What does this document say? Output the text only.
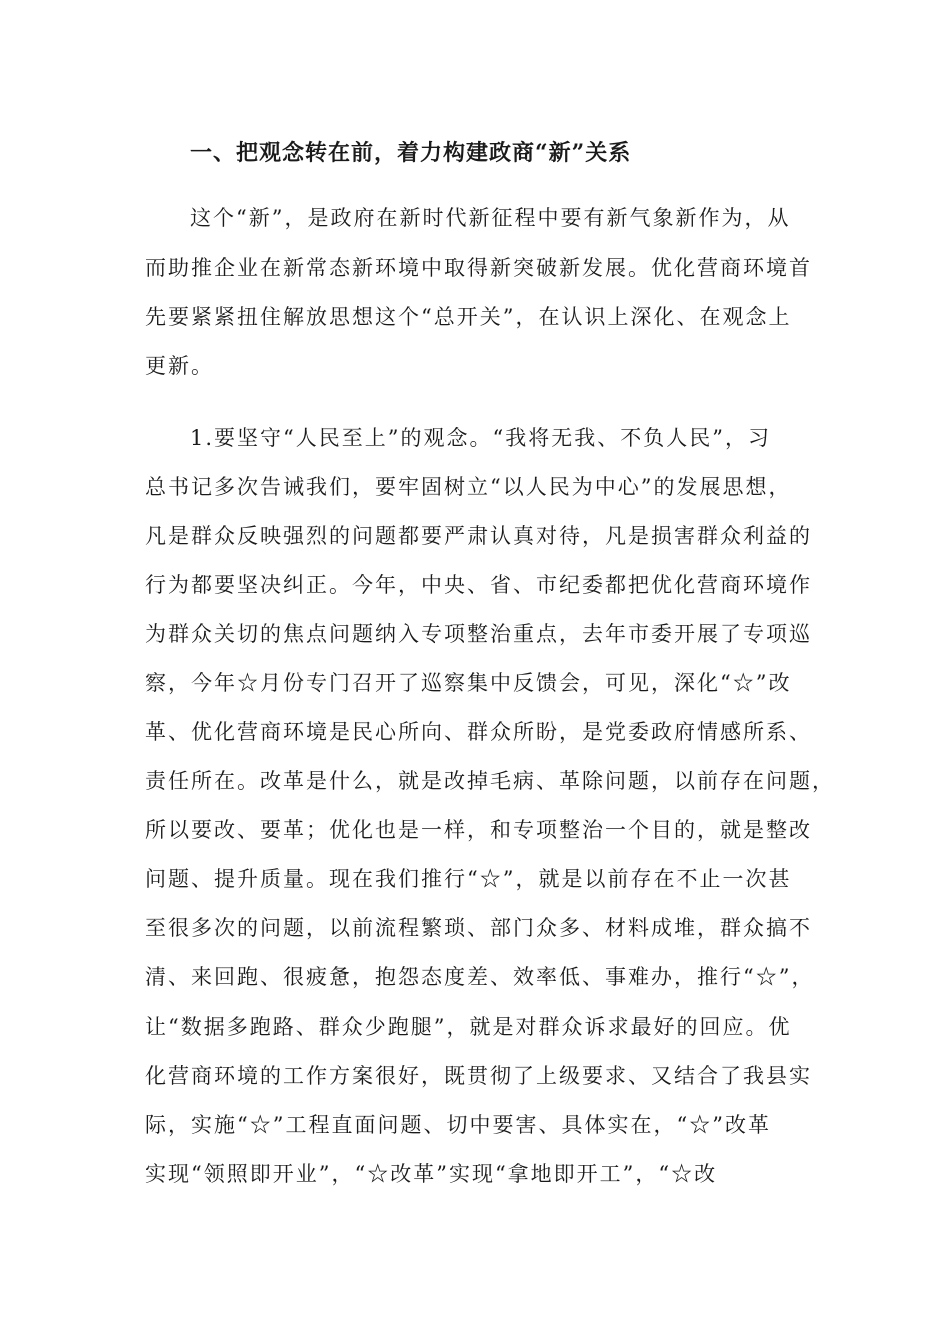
一、把观念转在前，着力构建政商“新”关系
这个“新”，是政府在新时代新征程中要有新气象新作为，从
而助推企业在新常态新环境中取得新突破新发展。优化营商环境首
先要紧紧扭住解放思想这个“总开关”，在认识上深化、在观念上
更新。
1.要坚守“人民至上”的观念。“我将无我、不负人民”，习
总书记多次告诫我们，要牢固树立“以人民为中心”的发展思想，
凡是群众反映强烈的问题都要严肃认真对待，凡是损害群众利益的
行为都要坚决纠正。今年，中央、省、市纪委都把优化营商环境作
为群众关切的焦点问题纳入专项整治重点，去年市委开展了专项巡
察，今年☆月份专门召开了巡察集中反馈会，可见，深化“☆”改
革、优化营商环境是民心所向、群众所盼，是党委政府情感所系、
责任所在。改革是什么，就是改掉毛病、革除问题，以前存在问题，
所以要改、要革；优化也是一样，和专项整治一个目的，就是整改
问题、提升质量。现在我们推行“☆”，就是以前存在不止一次甚
至很多次的问题，以前流程繁琐、部门众多、材料成堆，群众搞不
清、来回跑、很疲惫，抱怨态度差、效率低、事难办，推行“☆”，
让“数据多跑路、群众少跑腿”，就是对群众诉求最好的回应。优
化营商环境的工作方案很好，既贯彻了上级要求、又结合了我县实
际，实施“☆”工程直面问题、切中要害、具体实在，“☆”改革
实现“领照即开业”，“☆改革”实现“拿地即开工”，“☆改
